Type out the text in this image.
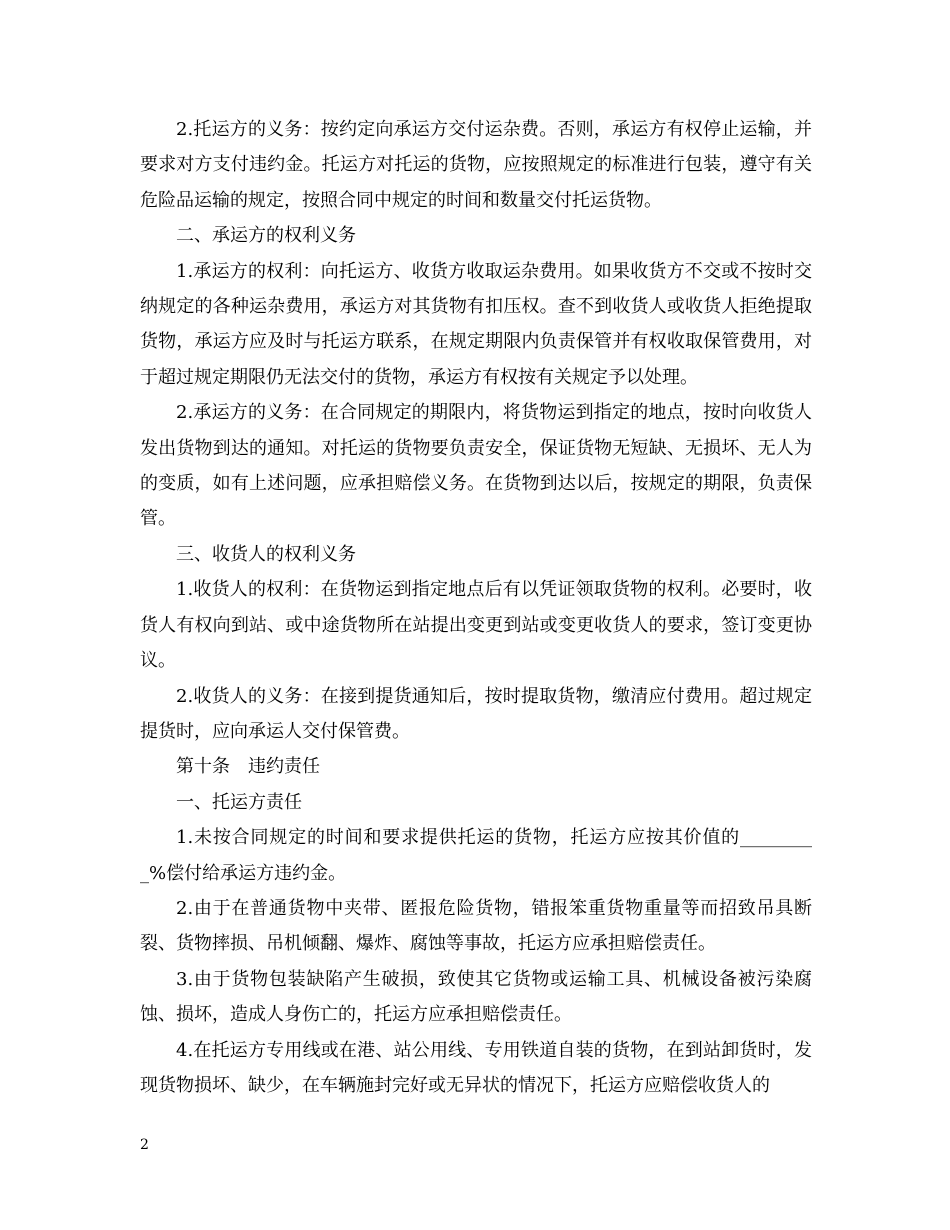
2.托运方的义务：按约定向承运方交付运杂费。否则，承运方有权停止运输，并要求对方支付违约金。托运方对托运的货物，应按照规定的标准进行包装，遵守有关危险品运输的规定，按照合同中规定的时间和数量交付托运货物。

二、承运方的权利义务

1.承运方的权利：向托运方、收货方收取运杂费用。如果收货方不交或不按时交纳规定的各种运杂费用，承运方对其货物有扣压权。查不到收货人或收货人拒绝提取货物，承运方应及时与托运方联系，在规定期限内负责保管并有权收取保管费用，对于超过规定期限仍无法交付的货物，承运方有权按有关规定予以处理。

2.承运方的义务：在合同规定的期限内，将货物运到指定的地点，按时向收货人发出货物到达的通知。对托运的货物要负责安全，保证货物无短缺、无损坏、无人为的变质，如有上述问题，应承担赔偿义务。在货物到达以后，按规定的期限，负责保管。

三、收货人的权利义务

1.收货人的权利：在货物运到指定地点后有以凭证领取货物的权利。必要时，收货人有权向到站、或中途货物所在站提出变更到站或变更收货人的要求，签订变更协议。

2.收货人的义务：在接到提货通知后，按时提取货物，缴清应付费用。超过规定提货时，应向承运人交付保管费。

第十条　违约责任

一、托运方责任

1.未按合同规定的时间和要求提供托运的货物，托运方应按其价值的_________%偿付给承运方违约金。

2.由于在普通货物中夹带、匿报危险货物，错报笨重货物重量等而招致吊具断裂、货物摔损、吊机倾翻、爆炸、腐蚀等事故，托运方应承担赔偿责任。

3.由于货物包装缺陷产生破损，致使其它货物或运输工具、机械设备被污染腐蚀、损坏，造成人身伤亡的，托运方应承担赔偿责任。

4.在托运方专用线或在港、站公用线、专用铁道自装的货物，在到站卸货时，发现货物损坏、缺少，在车辆施封完好或无异状的情况下，托运方应赔偿收货人的

2
